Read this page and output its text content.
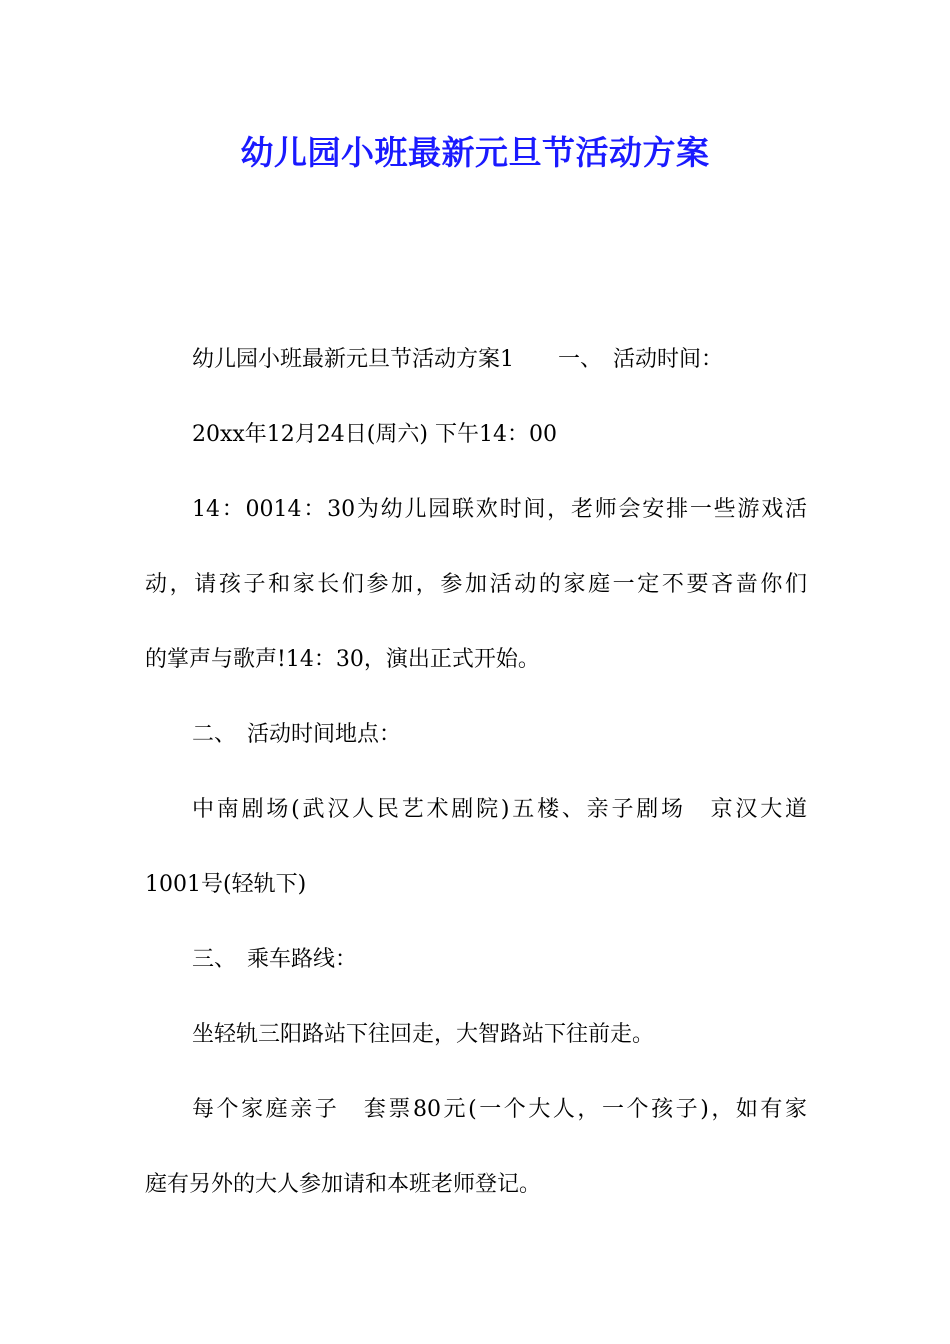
幼儿园小班最新元旦节活动方案
幼儿园小班最新元旦节活动方案1　　一、　活动时间：
20xx年12月24日(周六) 下午14：00
14：0014：30为幼儿园联欢时间，老师会安排一些游戏活
动，请孩子和家长们参加，参加活动的家庭一定不要吝啬你们
的掌声与歌声!14：30，演出正式开始。
二、　活动时间地点：
中南剧场(武汉人民艺术剧院)五楼、亲子剧场　京汉大道
1001号(轻轨下)
三、　乘车路线：
坐轻轨三阳路站下往回走，大智路站下往前走。
每个家庭亲子　套票80元(一个大人，一个孩子)，如有家
庭有另外的大人参加请和本班老师登记。
